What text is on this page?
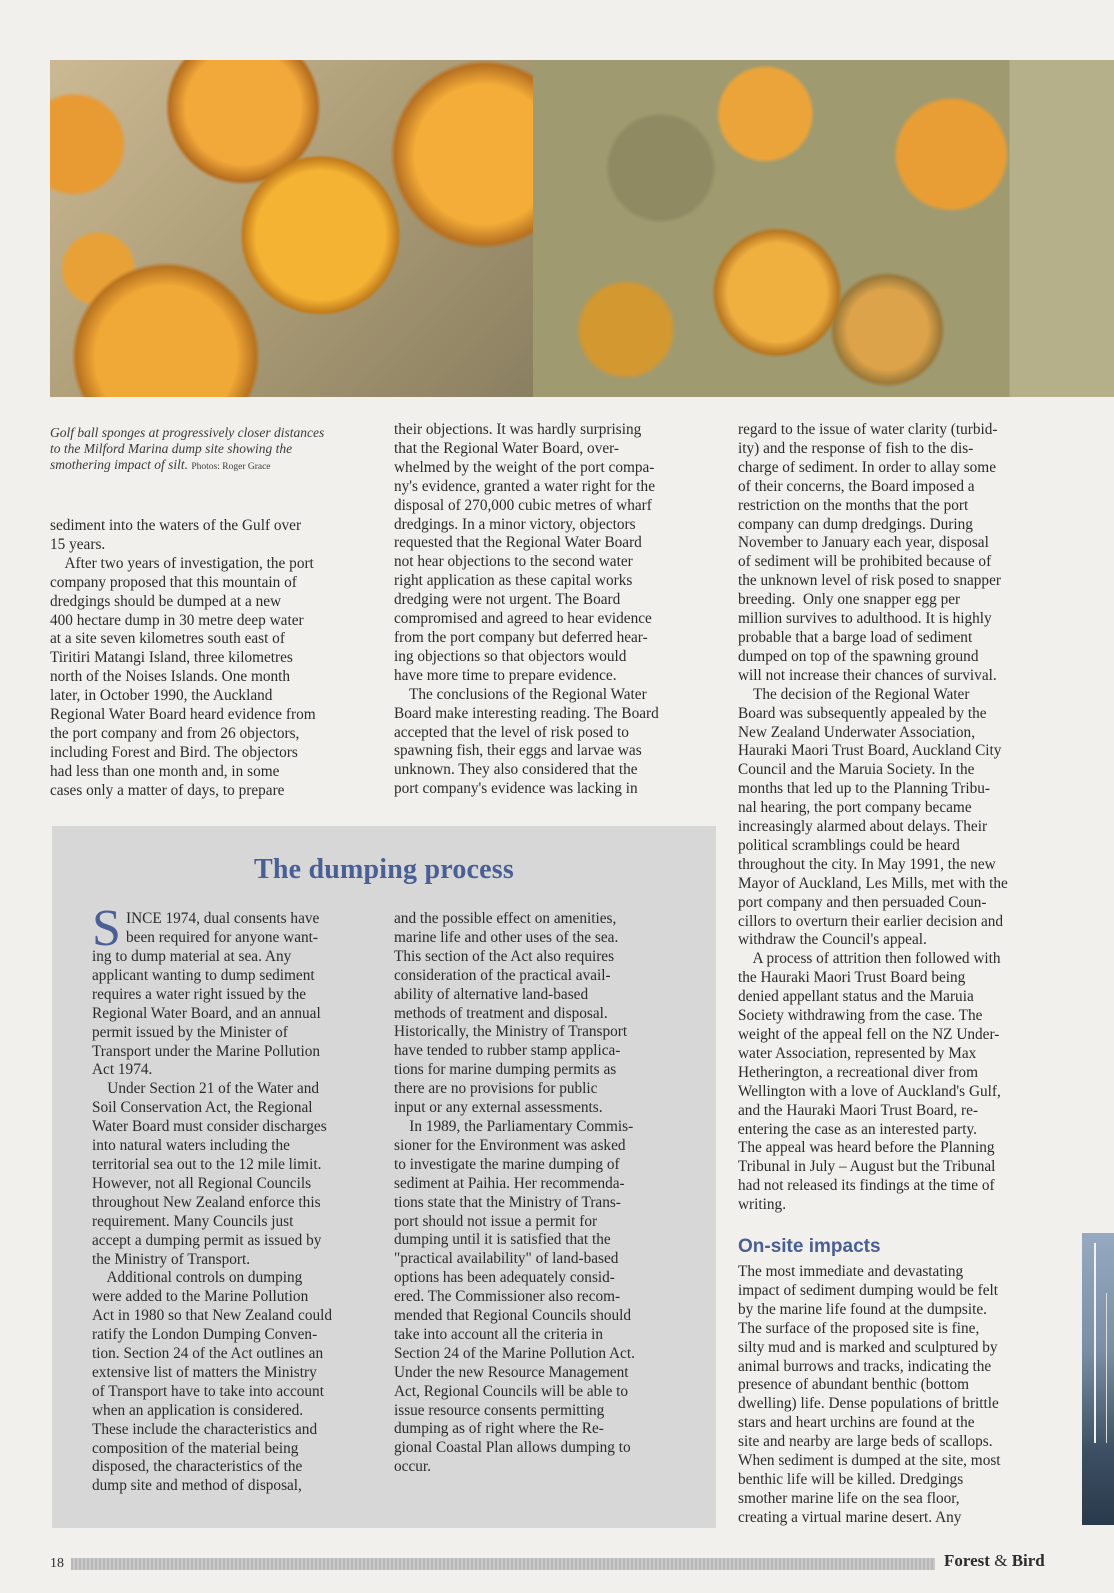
Golf ball sponges at progressively closer distances
to the Milford Marina dump site showing the
smothering impact of silt. Photos: Roger Grace

sediment into the waters of the Gulf over
15 years.
After two years of investigation, the port
company proposed that this mountain of
dredgings should be dumped at a new
400 hectare dump in 30 metre deep water
at a site seven kilometres south east of
Tiritiri Matangi Island, three kilometres
north of the Noises Islands. One month
later, in October 1990, the Auckland
Regional Water Board heard evidence from
the port company and from 26 objectors,
including Forest and Bird. The objectors
had less than one month and, in some
cases only a matter of days, to prepare

their objections. It was hardly surprising
that the Regional Water Board, over-
whelmed by the weight of the port compa-
ny's evidence, granted a water right for the
disposal of 270,000 cubic metres of wharf
dredgings. In a minor victory, objectors
requested that the Regional Water Board
not hear objections to the second water
right application as these capital works
dredging were not urgent. The Board
compromised and agreed to hear evidence
from the port company but deferred hear-
ing objections so that objectors would
have more time to prepare evidence.
The conclusions of the Regional Water
Board make interesting reading. The Board
accepted that the level of risk posed to
spawning fish, their eggs and larvae was
unknown. They also considered that the
port company's evidence was lacking in

regard to the issue of water clarity (turbid-
ity) and the response of fish to the dis-
charge of sediment. In order to allay some
of their concerns, the Board imposed a
restriction on the months that the port
company can dump dredgings. During
November to January each year, disposal
of sediment will be prohibited because of
the unknown level of risk posed to snapper
breeding.  Only one snapper egg per
million survives to adulthood. It is highly
probable that a barge load of sediment
dumped on top of the spawning ground
will not increase their chances of survival.
The decision of the Regional Water
Board was subsequently appealed by the
New Zealand Underwater Association,
Hauraki Maori Trust Board, Auckland City
Council and the Maruia Society. In the
months that led up to the Planning Tribu-
nal hearing, the port company became
increasingly alarmed about delays. Their
political scramblings could be heard
throughout the city. In May 1991, the new
Mayor of Auckland, Les Mills, met with the
port company and then persuaded Coun-
cillors to overturn their earlier decision and
withdraw the Council's appeal.
A process of attrition then followed with
the Hauraki Maori Trust Board being
denied appellant status and the Maruia
Society withdrawing from the case. The
weight of the appeal fell on the NZ Under-
water Association, represented by Max
Hetherington, a recreational diver from
Wellington with a love of Auckland's Gulf,
and the Hauraki Maori Trust Board, re-
entering the case as an interested party.
The appeal was heard before the Planning
Tribunal in July – August but the Tribunal
had not released its findings at the time of
writing.

On-site impacts

The most immediate and devastating
impact of sediment dumping would be felt
by the marine life found at the dumpsite.
The surface of the proposed site is fine,
silty mud and is marked and sculptured by
animal burrows and tracks, indicating the
presence of abundant benthic (bottom
dwelling) life. Dense populations of brittle
stars and heart urchins are found at the
site and nearby are large beds of scallops.
When sediment is dumped at the site, most
benthic life will be killed. Dredgings
smother marine life on the sea floor,
creating a virtual marine desert. Any

The dumping process

S INCE 1974, dual consents have
been required for anyone want-

ing to dump material at sea. Any
applicant wanting to dump sediment
requires a water right issued by the
Regional Water Board, and an annual
permit issued by the Minister of
Transport under the Marine Pollution
Act 1974.
Under Section 21 of the Water and
Soil Conservation Act, the Regional
Water Board must consider discharges
into natural waters including the
territorial sea out to the 12 mile limit.
However, not all Regional Councils
throughout New Zealand enforce this
requirement. Many Councils just
accept a dumping permit as issued by
the Ministry of Transport.
Additional controls on dumping
were added to the Marine Pollution
Act in 1980 so that New Zealand could
ratify the London Dumping Conven-
tion. Section 24 of the Act outlines an
extensive list of matters the Ministry
of Transport have to take into account
when an application is considered.
These include the characteristics and
composition of the material being
disposed, the characteristics of the
dump site and method of disposal,

and the possible effect on amenities,
marine life and other uses of the sea.
This section of the Act also requires
consideration of the practical avail-
ability of alternative land-based
methods of treatment and disposal.
Historically, the Ministry of Transport
have tended to rubber stamp applica-
tions for marine dumping permits as
there are no provisions for public
input or any external assessments.
In 1989, the Parliamentary Commis-
sioner for the Environment was asked
to investigate the marine dumping of
sediment at Paihia. Her recommenda-
tions state that the Ministry of Trans-
port should not issue a permit for
dumping until it is satisfied that the
"practical availability" of land-based
options has been adequately consid-
ered. The Commissioner also recom-
mended that Regional Councils should
take into account all the criteria in
Section 24 of the Marine Pollution Act.
Under the new Resource Management
Act, Regional Councils will be able to
issue resource consents permitting
dumping as of right where the Re-
gional Coastal Plan allows dumping to
occur.

18	Forest & Bird
